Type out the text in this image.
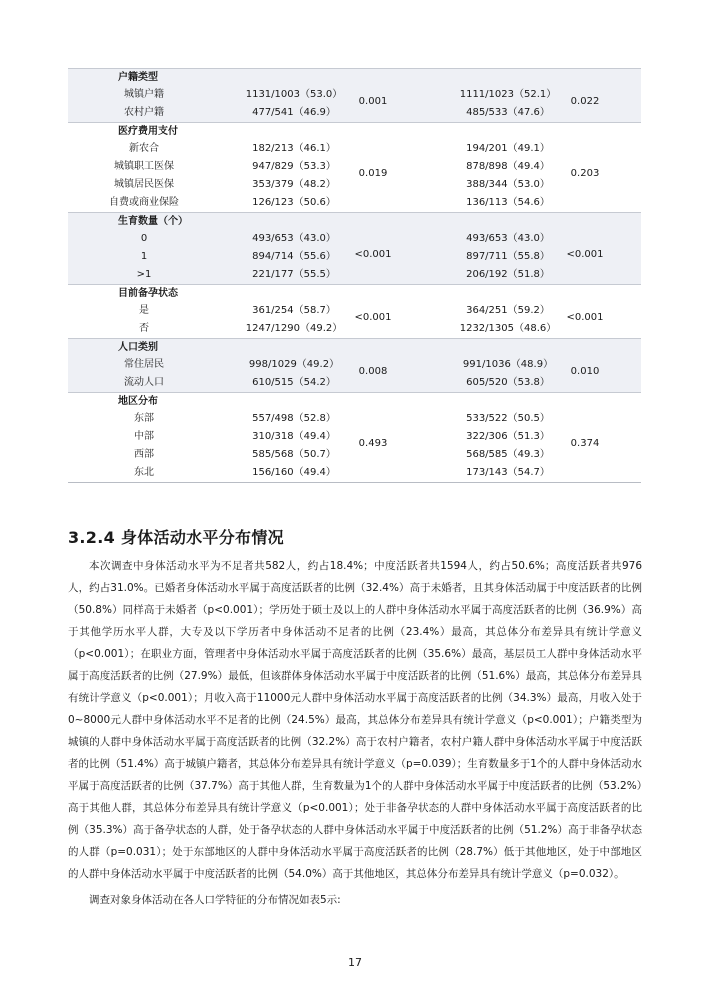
户籍类型
城镇户籍	1131/1003（53.0）	1111/1023（52.1）
农村户籍	477/541（46.9）	485/533（47.6）
0.001	0.022
医疗费用支付
新农合	182/213（46.1）	194/201（49.1）
城镇职工医保	947/829（53.3）	878/898（49.4）
城镇居民医保	353/379（48.2）	388/344（53.0）
自费或商业保险	126/123（50.6）	136/113（54.6）
0.019	0.203
生育数量（个）
0	493/653（43.0）	493/653（43.0）
1	894/714（55.6）	897/711（55.8）
>1	221/177（55.5）	206/192（51.8）
<0.001	<0.001
目前备孕状态
是	361/254（58.7）	364/251（59.2）
否	1247/1290（49.2）	1232/1305（48.6）
<0.001	<0.001
人口类别
常住居民	998/1029（49.2）	991/1036（48.9）
流动人口	610/515（54.2）	605/520（53.8）
0.008	0.010
地区分布
东部	557/498（52.8）	533/522（50.5）
中部	310/318（49.4）	322/306（51.3）
西部	585/568（50.7）	568/585（49.3）
东北	156/160（49.4）	173/143（54.7）
0.493	0.374
3.2.4 身体活动水平分布情况

本次调查中身体活动水平为不足者共582人，约占18.4%；中度活跃者共1594人，约占50.6%；高度活跃者共976人，约占31.0%。已婚者身体活动水平属于高度活跃者的比例（32.4%）高于未婚者，且其身体活动属于中度活跃者的比例（50.8%）同样高于未婚者（p<0.001）；学历处于硕士及以上的人群中身体活动水平属于高度活跃者的比例（36.9%）高于其他学历水平人群，大专及以下学历者中身体活动不足者的比例（23.4%）最高，其总体分布差异具有统计学意义（p<0.001）；在职业方面，管理者中身体活动水平属于高度活跃者的比例（35.6%）最高，基层员工人群中身体活动水平属于高度活跃者的比例（27.9%）最低，但该群体身体活动水平属于中度活跃者的比例（51.6%）最高，其总体分布差异具有统计学意义（p<0.001）；月收入高于11000元人群中身体活动水平属于高度活跃者的比例（34.3%）最高，月收入处于0~8000元人群中身体活动水平不足者的比例（24.5%）最高，其总体分布差异具有统计学意义（p<0.001）；户籍类型为城镇的人群中身体活动水平属于高度活跃者的比例（32.2%）高于农村户籍者，农村户籍人群中身体活动水平属于中度活跃者的比例（51.4%）高于城镇户籍者，其总体分布差异具有统计学意义（p=0.039）；生育数量多于1个的人群中身体活动水平属于高度活跃者的比例（37.7%）高于其他人群，生育数量为1个的人群中身体活动水平属于中度活跃者的比例（53.2%）高于其他人群，其总体分布差异具有统计学意义（p<0.001）；处于非备孕状态的人群中身体活动水平属于高度活跃者的比例（35.3%）高于备孕状态的人群，处于备孕状态的人群中身体活动水平属于中度活跃者的比例（51.2%）高于非备孕状态的人群（p=0.031）；处于东部地区的人群中身体活动水平属于高度活跃者的比例（28.7%）低于其他地区，处于中部地区的人群中身体活动水平属于中度活跃者的比例（54.0%）高于其他地区，其总体分布差异具有统计学意义（p=0.032）。

调查对象身体活动在各人口学特征的分布情况如表5示:

17
